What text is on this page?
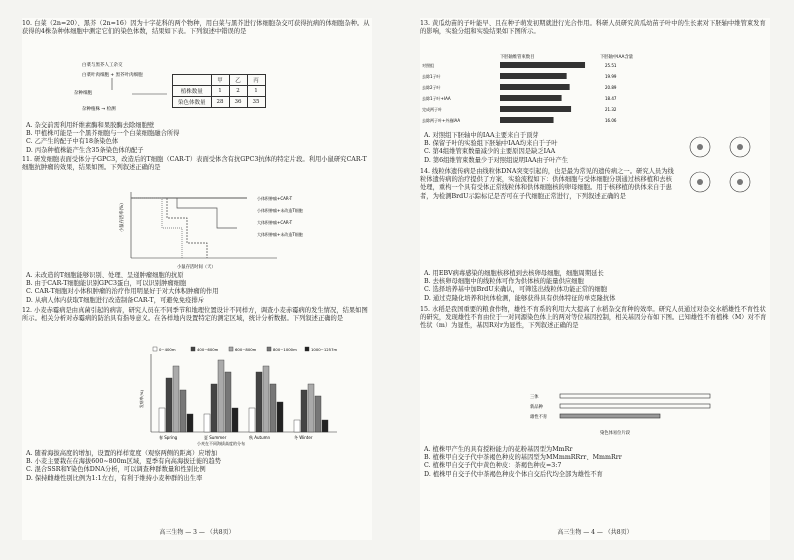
10. 白菜（2n=20）、黑芥（2n=16）因为十字花科的两个物种，用白菜与黑芥进行体细胞杂交可获得抗病的体细胞杂种。从获得的4株杂种体细胞中测定它们的染色体数，结果如下表。下列叙述中错误的是
白菜与黑芥人工杂交
白菜叶肉细胞 + 黑芥叶肉细胞
杂种细胞
杂种植株 → 检测
	甲	乙	丙
植株数量	1	2	1
染色体数量	28	36	35
A. 杂交前需利用纤维素酶和果胶酶去除细胞壁
B. 甲植株可能是一个黑芥细胞与一个白菜细胞融合所得
C. 乙产生的配子中有18条染色体
D. 丙杂种植株能产生含35条染色体的配子
11. 研发细胞表面受体分子GPC3，改造后的T细胞（CAR-T）表面受体含有抗GPC3抗体的特定片段。利用小鼠研究CAR-T细胞抗肿瘤的效果，结果如图。下列叙述正确的是
小鼠存活率(%)
小鼠存活时间（天）
小体积肿瘤+CAR-T
小体积肿瘤+未改造T细胞
大体积肿瘤+CAR-T
大体积肿瘤+未改造T细胞
A. 未改造的T细胞能够识别、处理、呈递肿瘤细胞的抗原
B. 由于CAR-T细胞能识别GPC3蛋白，可以识别肿瘤细胞
C. CAR-T细胞对小体积肿瘤的治疗作用明显好于对大体积肿瘤的作用
D. 从病人体内获取T细胞进行改造制备CAR-T，可避免免疫排斥
12. 小麦赤霉病是由真菌引起的病害，研究人员在不同季节和地理位置设计不同样方，调查小麦赤霉病的发生情况，结果如图所示。相关分析对赤霉病的防治具有指导意义。在各样地内设置特定的测定区域，统计分析数据。下列叙述正确的是
0~400m	400~600m	600~800m	800~1000m	1000~1257m
发病率(%)
春 Spring	夏 Summer	秋 Autumn	冬 Winter
小麦在不同海拔高度的分布
A. 随着海拔高度的增加，设置的样样宽度（观察两侧的距离）应增加
B. 小麦主要栽在在海拔600~800m区域，夏季有向高海拔迁徙的趋势
C. 混合SSR和Y染色体DNA分析，可以调查种群数量和性别比例
D. 保持雌雄性别比例为1:1左右，有利于维持小麦种群的出生率
高三生物 — 3 — （共8页）
13. 黄瓜幼苗的子叶能早、且在种子萌发初期就进行光合作用。科研人员研究黄瓜幼苗子叶中的生长素对下胚轴中维管束发育的影响，实验分组和实验结果如下图所示。
下胚轴维管束数目	下胚轴中IAA含量
对照组	25.51
去除1子叶	19.99
去除2子叶	20.89
去除1子叶+IAA	18.47
完成两子叶	21.32
去除两子叶+外施IAA	16.06
A. 对照组下胚轴中的IAA主要来自于顶芽
B. 保留子叶的实验组下胚轴中IAA均来自于子叶
C. 第4组维管束数量减少的主要原因是缺乏IAA
D. 第6组维管束数量少于对照组说明IAA由子叶产生
14. 线粒体遗传病是由线粒体DNA突变引起的，也是最为常见的遗传病之一。研究人员为线粒体遗传病的治疗提供了方案，实验流程如下：供体细胞与受体细胞分别通过核移植和去核处理，重构一个具有受体正常线粒体和供体细胞核的卵母细胞。用于核移植的供体来自于患者，为检测BrdU示踪标记是否可在子代细胞正常进行，下列叙述正确的是
A. 用EBV病毒感染的细胞核移植到去核卵母细胞，细胞周期延长
B. 去核卵母细胞中的线粒体可作为供体核的能量供应细胞
C. 选择培养基中加BrdU来确认，可筛选出线粒体功能正常的细胞
D. 通过克隆化培养和抗体检测，能够获得具有供体特征的单克隆抗体
15. 水稻是我国重要的粮食作物，雄性不育系的利用大大提高了水稻杂交育种的效率。研究人员通过对杂交水稻雄性不育性状的研究，发现雄性不育由位于一对同源染色体上的两对等位基因控制，相关基因分布如下图。已知雄性不育植株（M）对不育性状（m）为显性，基因R对r为显性，下列叙述正确的是
三体
新品种
雄性不育
染色体易位片段
A. 植株甲产生的具有授粉能力的花粉基因型为MmRr
B. 植株甲自交子代中茶褐色种皮的基因型为MMmmRRrr、MmmRrr
C. 植株甲自交子代中黄色种皮：茶褐色种皮=3:7
D. 植株甲自交子代中茶褐色种皮个体自交后代均全部为雄性不育
高三生物 — 4 — （共8页）
